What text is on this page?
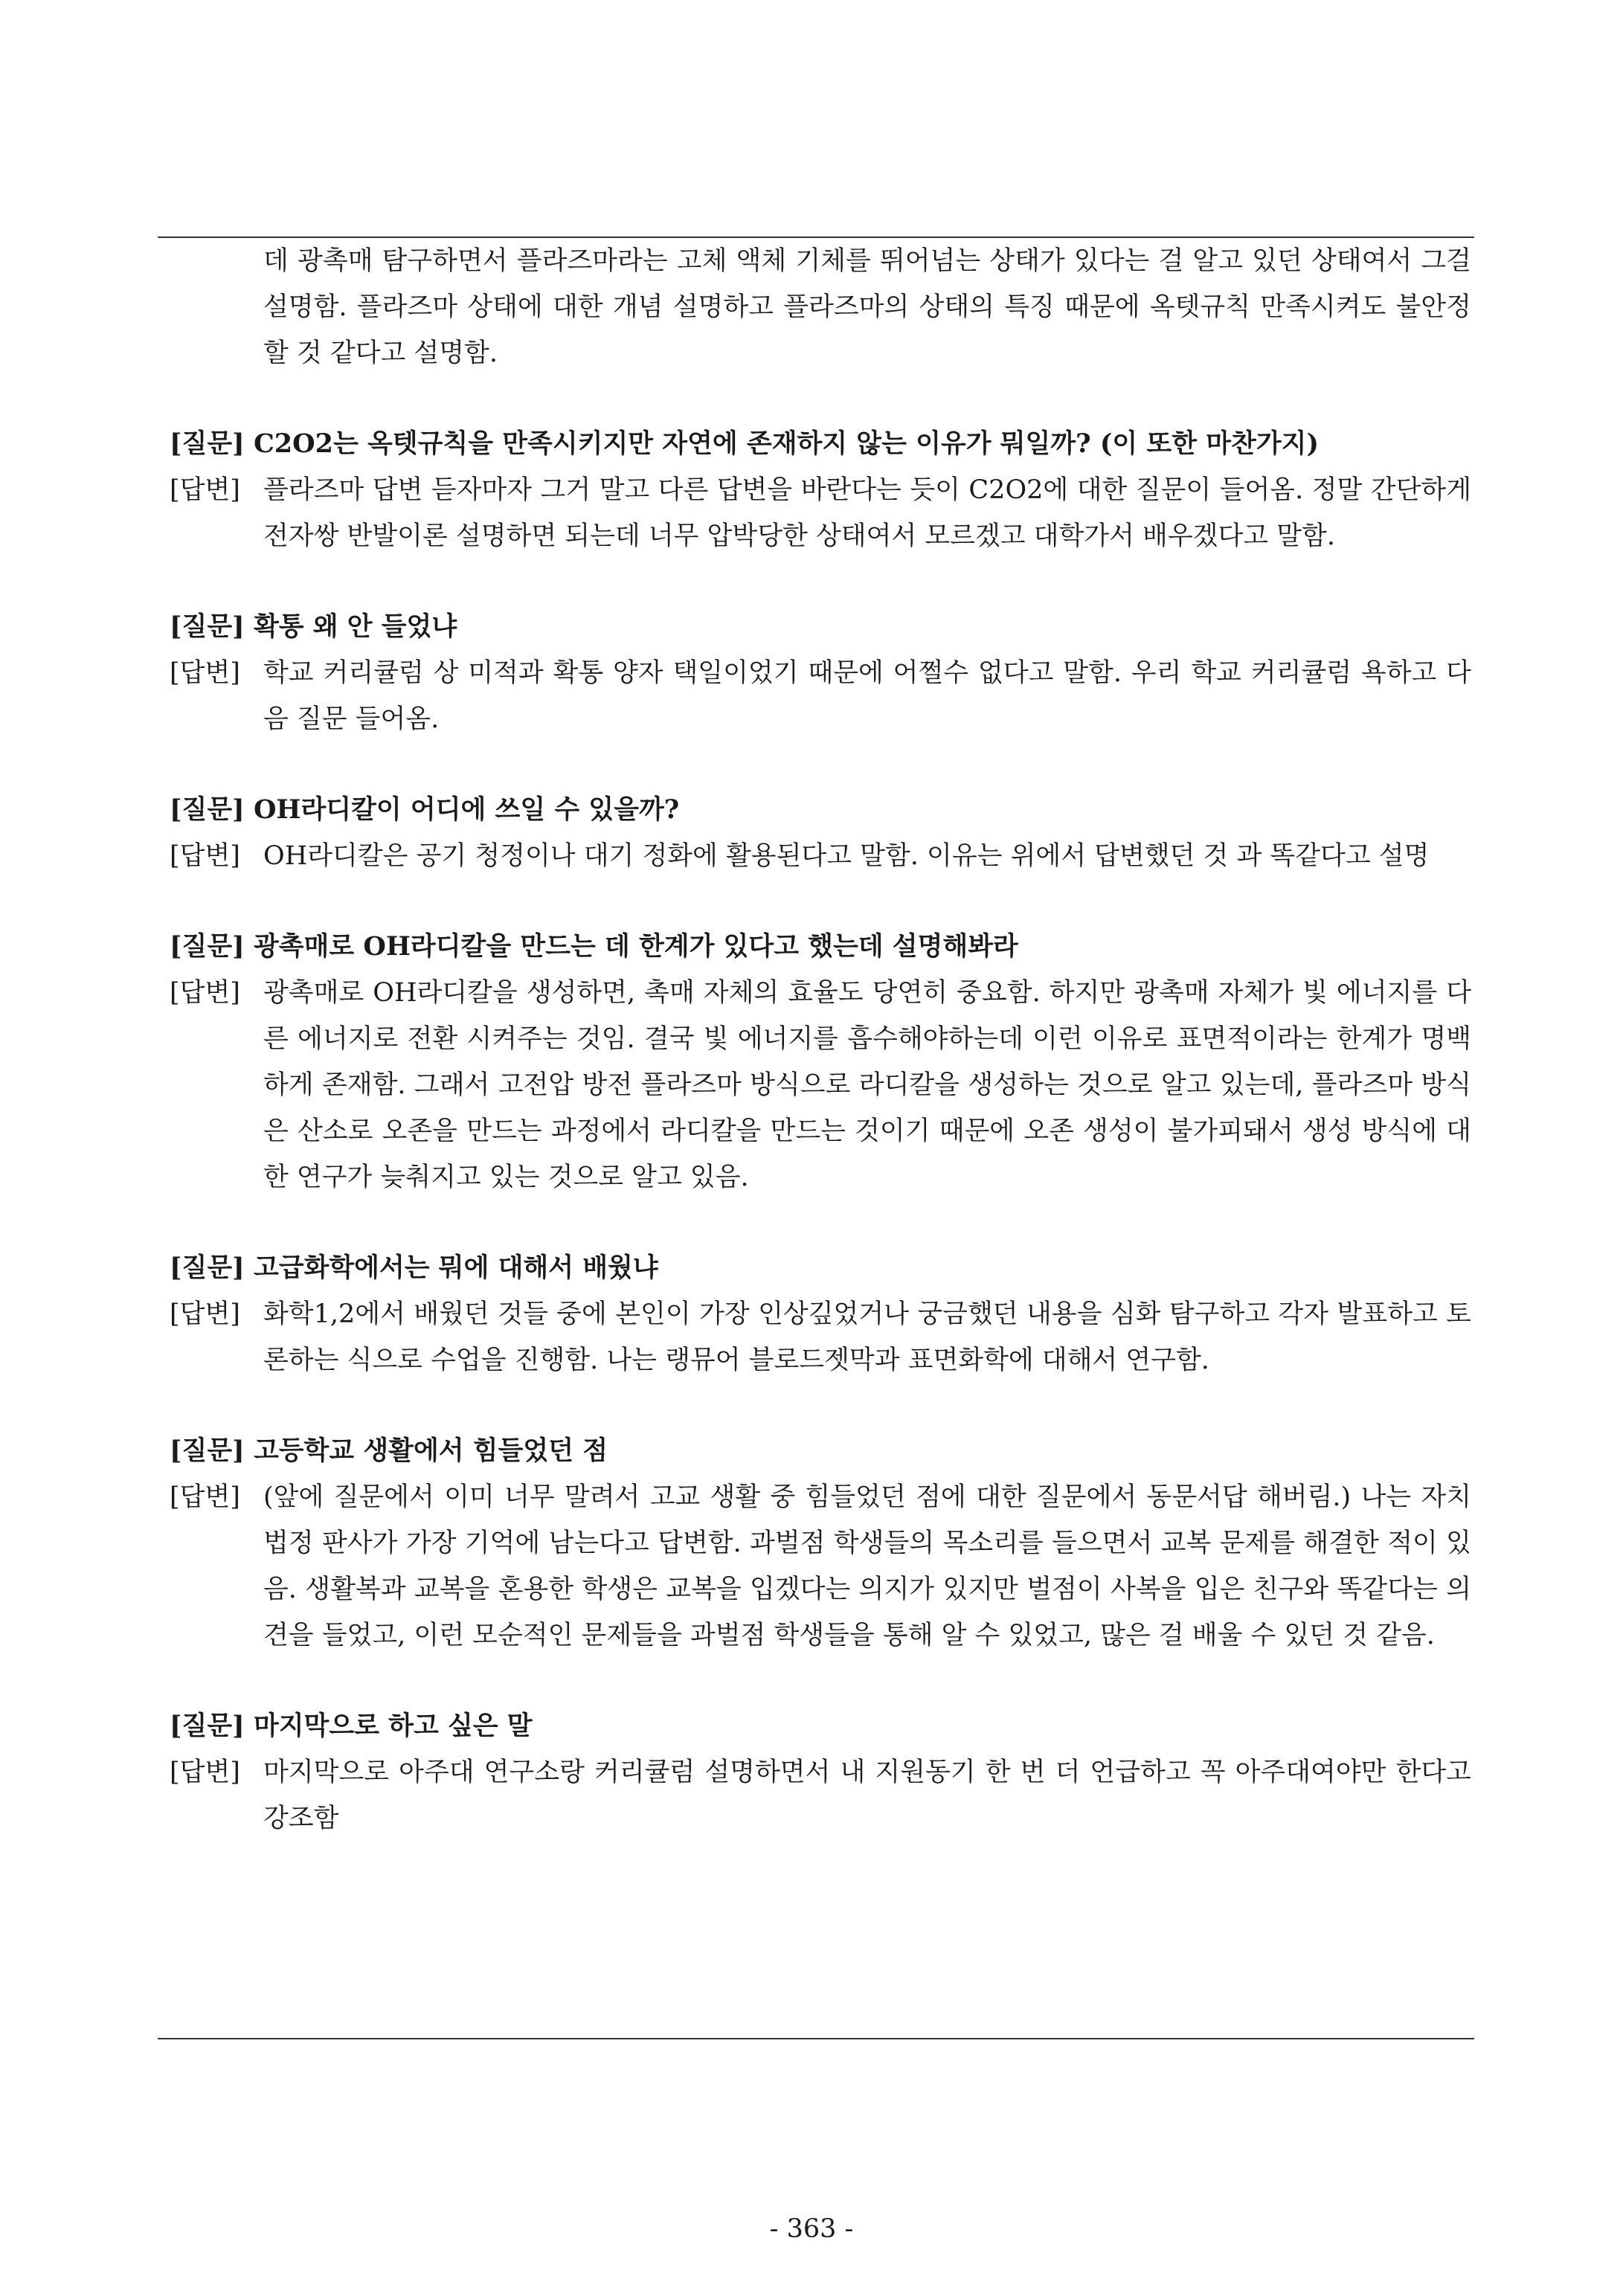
데 광촉매 탐구하면서 플라즈마라는 고체 액체 기체를 뛰어넘는 상태가 있다는 걸 알고 있던 상태여서 그걸 설명함. 플라즈마 상태에 대한 개념 설명하고 플라즈마의 상태의 특징 때문에 옥텟규칙 만족시켜도 불안정할 것 같다고 설명함.
[질문] C2O2는 옥텟규칙을 만족시키지만 자연에 존재하지 않는 이유가 뭐일까? (이 또한 마찬가지)
[답변] 플라즈마 답변 듣자마자 그거 말고 다른 답변을 바란다는 듯이 C2O2에 대한 질문이 들어옴. 정말 간단하게 전자쌍 반발이론 설명하면 되는데 너무 압박당한 상태여서 모르겠고 대학가서 배우겠다고 말함.
[질문] 확통 왜 안 들었냐
[답변] 학교 커리큘럼 상 미적과 확통 양자 택일이었기 때문에 어쩔수 없다고 말함. 우리 학교 커리큘럼 욕하고 다음 질문 들어옴.
[질문] OH라디칼이 어디에 쓰일 수 있을까?
[답변] OH라디칼은 공기 청정이나 대기 정화에 활용된다고 말함. 이유는 위에서 답변했던 것 과 똑같다고 설명
[질문] 광촉매로 OH라디칼을 만드는 데 한계가 있다고 했는데 설명해봐라
[답변] 광촉매로 OH라디칼을 생성하면, 촉매 자체의 효율도 당연히 중요함. 하지만 광촉매 자체가 빛 에너지를 다른 에너지로 전환 시켜주는 것임. 결국 빛 에너지를 흡수해야하는데 이런 이유로 표면적이라는 한계가 명백하게 존재함. 그래서 고전압 방전 플라즈마 방식으로 라디칼을 생성하는 것으로 알고 있는데, 플라즈마 방식은 산소로 오존을 만드는 과정에서 라디칼을 만드는 것이기 때문에 오존 생성이 불가피돼서 생성 방식에 대한 연구가 늦춰지고 있는 것으로 알고 있음.
[질문] 고급화학에서는 뭐에 대해서 배웠냐
[답변] 화학1,2에서 배웠던 것들 중에 본인이 가장 인상깊었거나 궁금했던 내용을 심화 탐구하고 각자 발표하고 토론하는 식으로 수업을 진행함. 나는 랭뮤어 블로드젯막과 표면화학에 대해서 연구함.
[질문] 고등학교 생활에서 힘들었던 점
[답변] (앞에 질문에서 이미 너무 말려서 고교 생활 중 힘들었던 점에 대한 질문에서 동문서답 해버림.) 나는 자치법정 판사가 가장 기억에 남는다고 답변함. 과벌점 학생들의 목소리를 들으면서 교복 문제를 해결한 적이 있음. 생활복과 교복을 혼용한 학생은 교복을 입겠다는 의지가 있지만 벌점이 사복을 입은 친구와 똑같다는 의견을 들었고, 이런 모순적인 문제들을 과벌점 학생들을 통해 알 수 있었고, 많은 걸 배울 수 있던 것 같음.
[질문] 마지막으로 하고 싶은 말
[답변] 마지막으로 아주대 연구소랑 커리큘럼 설명하면서 내 지원동기 한 번 더 언급하고 꼭 아주대여야만 한다고 강조함
- 363 -
